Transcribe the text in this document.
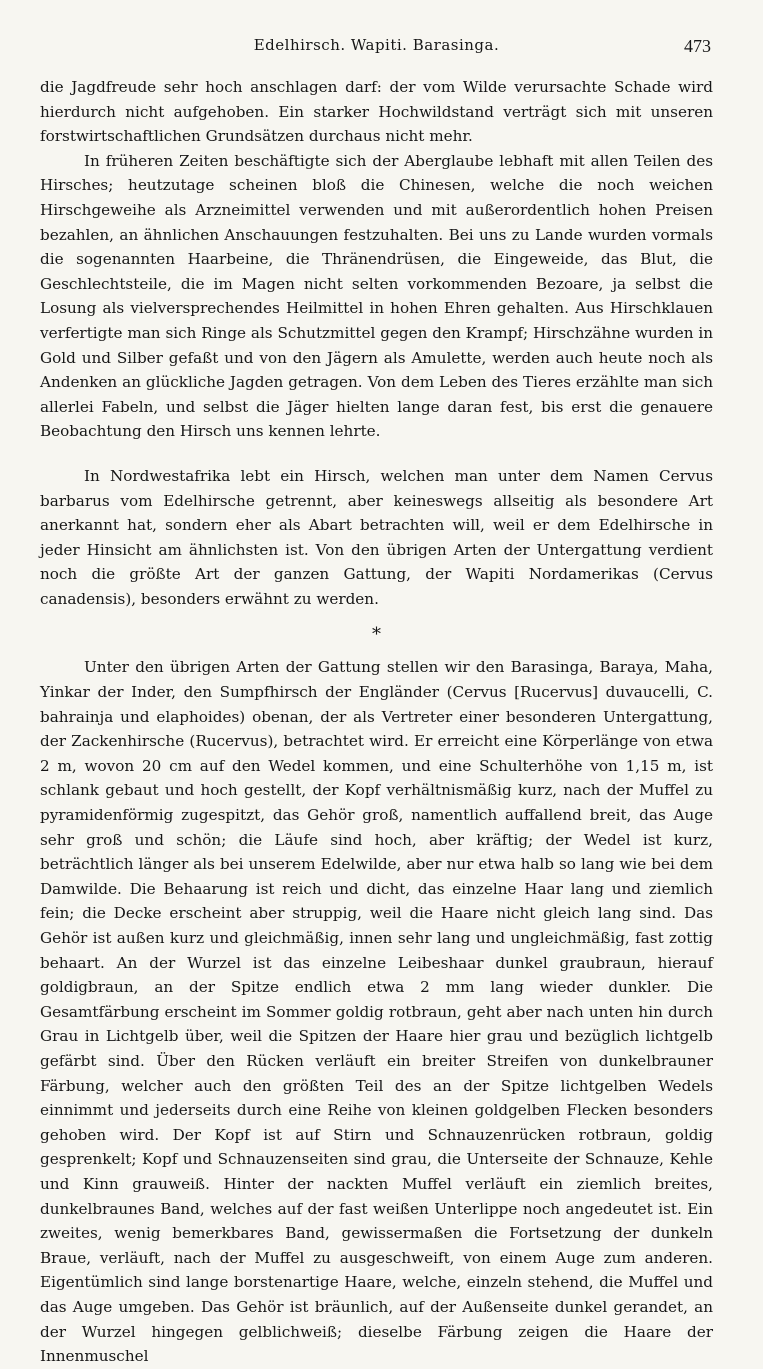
Edelhirsch. Wapiti. Barasinga.	473

die Jagdfreude sehr hoch anschlagen darf: der vom Wilde verursachte Schade wird hierdurch nicht aufgehoben. Ein starker Hochwildstand verträgt sich mit unseren forstwirtschaftlichen Grundsätzen durchaus nicht mehr.

In früheren Zeiten beschäftigte sich der Aberglaube lebhaft mit allen Teilen des Hirsches; heutzutage scheinen bloß die Chinesen, welche die noch weichen Hirschgeweihe als Arzneimittel verwenden und mit außerordentlich hohen Preisen bezahlen, an ähnlichen Anschauungen festzuhalten. Bei uns zu Lande wurden vormals die sogenannten Haarbeine, die Thränendrüsen, die Eingeweide, das Blut, die Geschlechtsteile, die im Magen nicht selten vorkommenden Bezoare, ja selbst die Losung als vielversprechendes Heilmittel in hohen Ehren gehalten. Aus Hirschklauen verfertigte man sich Ringe als Schutzmittel gegen den Krampf; Hirschzähne wurden in Gold und Silber gefaßt und von den Jägern als Amulette, werden auch heute noch als Andenken an glückliche Jagden getragen. Von dem Leben des Tieres erzählte man sich allerlei Fabeln, und selbst die Jäger hielten lange daran fest, bis erst die genauere Beobachtung den Hirsch uns kennen lehrte.

In Nordwestafrika lebt ein Hirsch, welchen man unter dem Namen Cervus barbarus vom Edelhirsche getrennt, aber keineswegs allseitig als besondere Art anerkannt hat, sondern eher als Abart betrachten will, weil er dem Edelhirsche in jeder Hinsicht am ähnlichsten ist. Von den übrigen Arten der Untergattung verdient noch die größte Art der ganzen Gattung, der Wapiti Nordamerikas (Cervus canadensis), besonders erwähnt zu werden.

*

Unter den übrigen Arten der Gattung stellen wir den Barasinga, Baraya, Maha, Yinkar der Inder, den Sumpfhirsch der Engländer (Cervus [Rucervus] duvaucelli, C. bahrainja und elaphoides) obenan, der als Vertreter einer besonderen Untergattung, der Zackenhirsche (Rucervus), betrachtet wird. Er erreicht eine Körperlänge von etwa 2 m, wovon 20 cm auf den Wedel kommen, und eine Schulterhöhe von 1,15 m, ist schlank gebaut und hoch gestellt, der Kopf verhältnismäßig kurz, nach der Muffel zu pyramidenförmig zugespitzt, das Gehör groß, namentlich auffallend breit, das Auge sehr groß und schön; die Läufe sind hoch, aber kräftig; der Wedel ist kurz, beträchtlich länger als bei unserem Edelwilde, aber nur etwa halb so lang wie bei dem Damwilde. Die Behaarung ist reich und dicht, das einzelne Haar lang und ziemlich fein; die Decke erscheint aber struppig, weil die Haare nicht gleich lang sind. Das Gehör ist außen kurz und gleichmäßig, innen sehr lang und ungleichmäßig, fast zottig behaart. An der Wurzel ist das einzelne Leibeshaar dunkel graubraun, hierauf goldigbraun, an der Spitze endlich etwa 2 mm lang wieder dunkler. Die Gesamtfärbung erscheint im Sommer goldig rotbraun, geht aber nach unten hin durch Grau in Lichtgelb über, weil die Spitzen der Haare hier grau und bezüglich lichtgelb gefärbt sind. Über den Rücken verläuft ein breiter Streifen von dunkelbrauner Färbung, welcher auch den größten Teil des an der Spitze lichtgelben Wedels einnimmt und jederseits durch eine Reihe von kleinen goldgelben Flecken besonders gehoben wird. Der Kopf ist auf Stirn und Schnauzenrücken rotbraun, goldig gesprenkelt; Kopf und Schnauzenseiten sind grau, die Unterseite der Schnauze, Kehle und Kinn grauweiß. Hinter der nackten Muffel verläuft ein ziemlich breites, dunkelbraunes Band, welches auf der fast weißen Unterlippe noch angedeutet ist. Ein zweites, wenig bemerkbares Band, gewissermaßen die Fortsetzung der dunkeln Braue, verläuft, nach der Muffel zu ausgeschweift, von einem Auge zum anderen. Eigentümlich sind lange borstenartige Haare, welche, einzeln stehend, die Muffel und das Auge umgeben. Das Gehör ist bräunlich, auf der Außenseite dunkel gerandet, an der Wurzel hingegen gelblichweiß; dieselbe Färbung zeigen die Haare der Innenmuschel
